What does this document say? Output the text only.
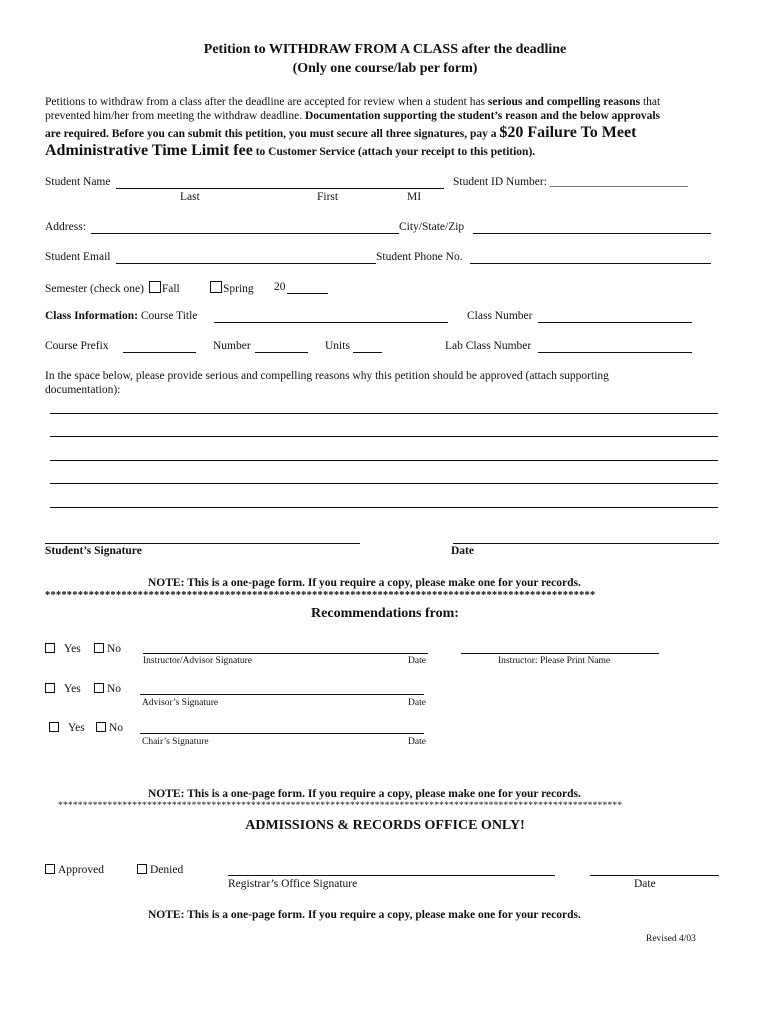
Petition to WITHDRAW FROM A CLASS after the deadline
(Only one course/lab per form)
Petitions to withdraw from a class after the deadline are accepted for review when a student has serious and compelling reasons that
prevented him/her from meeting the withdraw deadline. Documentation supporting the student’s reason and the below approvals
are required. Before you can submit this petition, you must secure all three signatures, pay a $20 Failure To Meet
Administrative Time Limit fee to Customer Service (attach your receipt to this petition).
Student Name	Student ID Number: ________________________
Last	First	MI
Address:	City/State/Zip
Student Email	Student Phone No.
Semester (check one) Fall	Spring 20
Class Information: Course Title	Class Number
Course Prefix	Number	Units	Lab Class Number
In the space below, please provide serious and compelling reasons why this petition should be approved (attach supporting
documentation):
Student’s Signature	Date
NOTE: This is a one-page form. If you require a copy, please make one for your records.
*****************************************************************************************************
Recommendations from:
Yes	No
Instructor/Advisor Signature	Date	Instructor: Please Print Name
Yes	No
Advisor’s Signature	Date
Yes	No
Chair’s Signature	Date
NOTE: This is a one-page form. If you require a copy, please make one for your records.
******************************************************************************************************************
ADMISSIONS & RECORDS OFFICE ONLY!
Approved	Denied
Registrar’s Office Signature	Date
NOTE: This is a one-page form. If you require a copy, please make one for your records.
Revised 4/03
